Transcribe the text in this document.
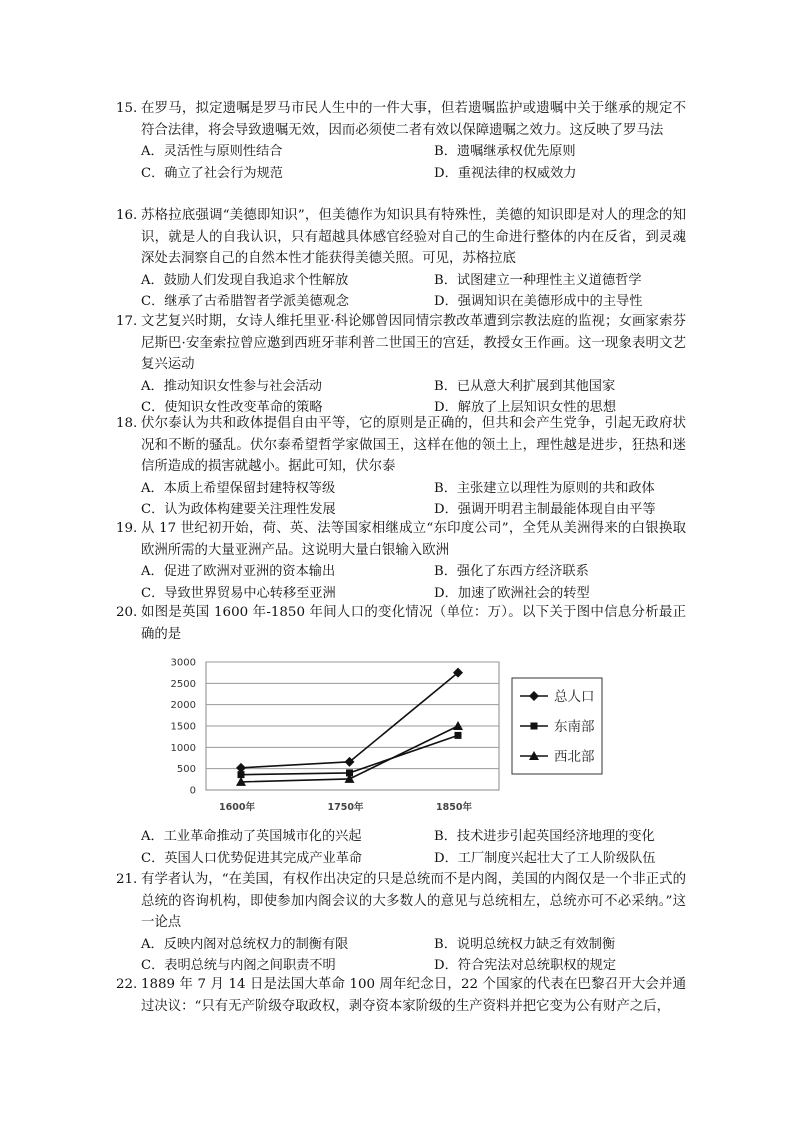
15. 在罗马，拟定遗嘱是罗马市民人生中的一件大事，但若遗嘱监护或遗嘱中关于继承的规定不符合法律，将会导致遗嘱无效，因而必须使二者有效以保障遗嘱之效力。这反映了罗马法
A．灵活性与原则性结合	B．遗嘱继承权优先原则
C．确立了社会行为规范	D．重视法律的权威效力
16. 苏格拉底强调“美德即知识”，但美德作为知识具有特殊性，美德的知识即是对人的理念的知识，就是人的自我认识，只有超越具体感官经验对自己的生命进行整体的内在反省，到灵魂深处去洞察自己的自然本性才能获得美德关照。可见，苏格拉底
A．鼓励人们发现自我追求个性解放	B．试图建立一种理性主义道德哲学
C．继承了古希腊智者学派美德观念	D．强调知识在美德形成中的主导性
17. 文艺复兴时期，女诗人维托里亚·科论娜曾因同情宗教改革遭到宗教法庭的监视；女画家索芬尼斯巴·安奎索拉曾应邀到西班牙菲利普二世国王的宫廷，教授女王作画。这一现象表明文艺复兴运动
A．推动知识女性参与社会活动	B．已从意大利扩展到其他国家
C．使知识女性改变革命的策略	D．解放了上层知识女性的思想
18. 伏尔泰认为共和政体提倡自由平等，它的原则是正确的，但共和会产生党争，引起无政府状况和不断的骚乱。伏尔泰希望哲学家做国王，这样在他的领土上，理性越是进步，狂热和迷信所造成的损害就越小。据此可知，伏尔泰
A．本质上希望保留封建特权等级	B．主张建立以理性为原则的共和政体
C．认为政体构建要关注理性发展	D．强调开明君主制最能体现自由平等
19. 从 17 世纪初开始，荷、英、法等国家相继成立“东印度公司”，全凭从美洲得来的白银换取欧洲所需的大量亚洲产品。这说明大量白银输入欧洲
A．促进了欧洲对亚洲的资本输出	B．强化了东西方经济联系
C．导致世界贸易中心转移至亚洲	D．加速了欧洲社会的转型
20. 如图是英国 1600 年-1850 年间人口的变化情况（单位：万）。以下关于图中信息分析最正确的是
0
500
1000
1500
2000
2500
3000
1600年	1750年	1850年
总人口
东南部
西北部
A．工业革命推动了英国城市化的兴起	B．技术进步引起英国经济地理的变化
C．英国人口优势促进其完成产业革命	D．工厂制度兴起壮大了工人阶级队伍
21. 有学者认为，“在美国，有权作出决定的只是总统而不是内阁，美国的内阁仅是一个非正式的总统的咨询机构，即使参加内阁会议的大多数人的意见与总统相左，总统亦可不必采纳。”这一论点
A．反映内阁对总统权力的制衡有限	B．说明总统权力缺乏有效制衡
C．表明总统与内阁之间职责不明	D．符合宪法对总统职权的规定
22. 1889 年 7 月 14 日是法国大革命 100 周年纪念日，22 个国家的代表在巴黎召开大会并通过决议：“只有无产阶级夺取政权，剥夺资本家阶级的生产资料并把它变为公有财产之后，
